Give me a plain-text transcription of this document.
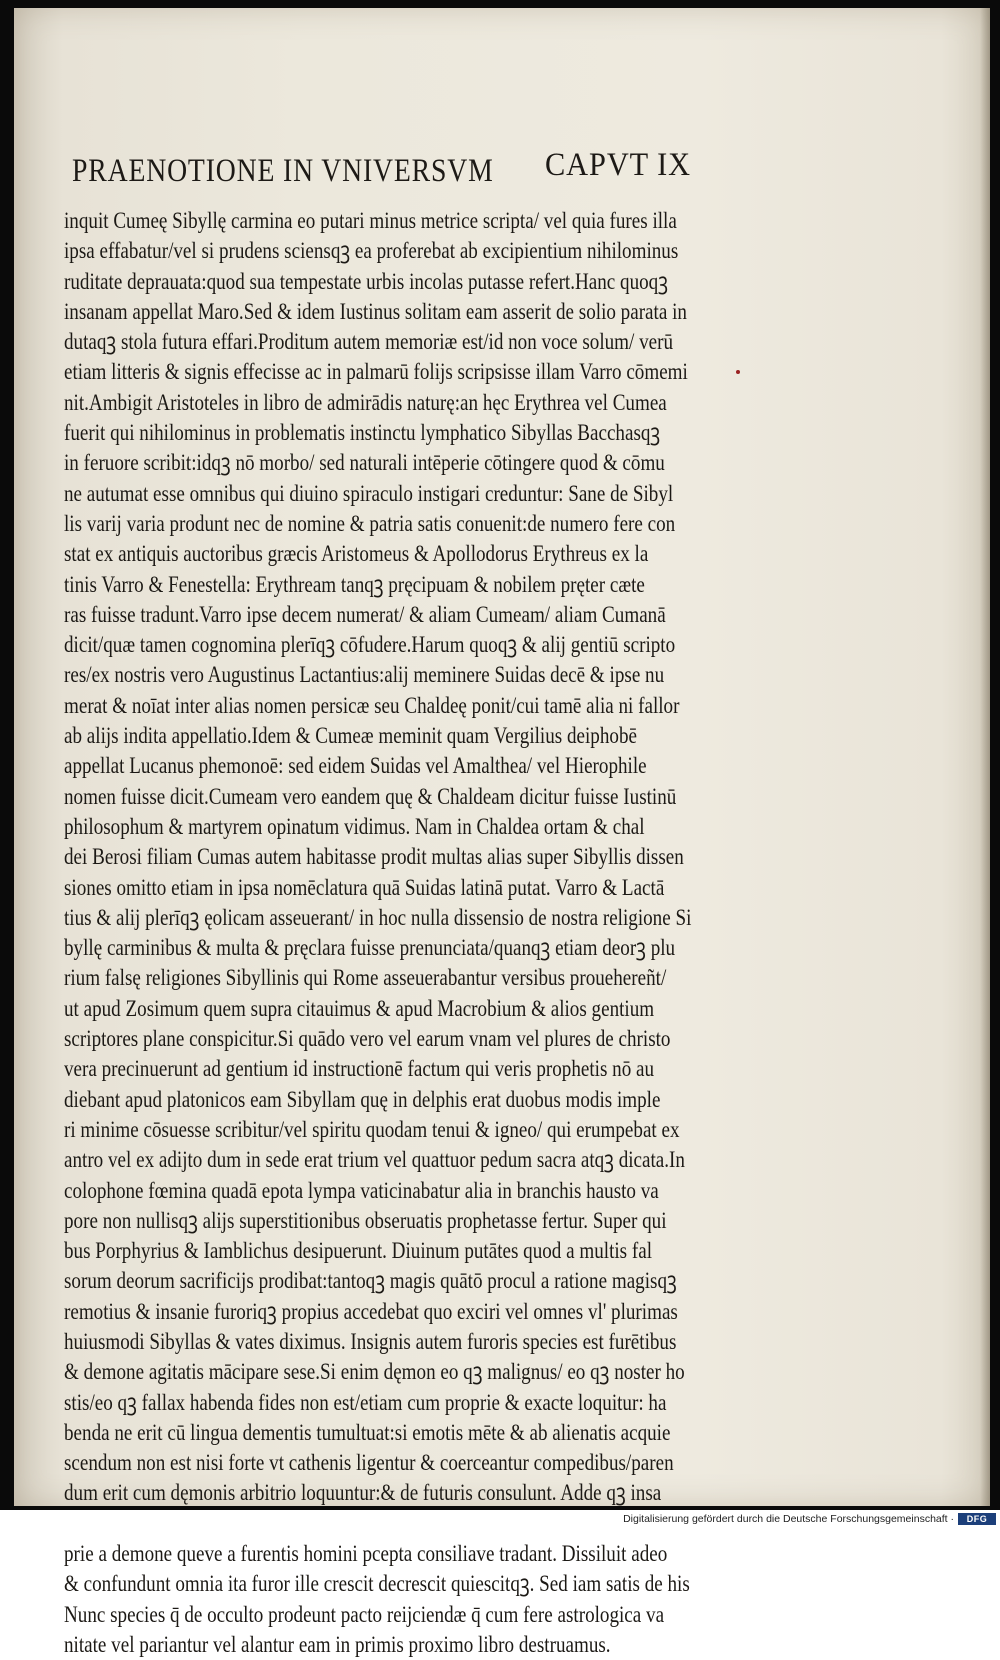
PRAENOTIONE IN VNIVERSVM CAPVT IX
inquit Cumeę Sibyllę carmina eo putari minus metrice scripta/ vel quia fures illa
ipsa effabatur/vel si prudens sciensqꝫ ea proferebat ab excipientium nihilominus
ruditate deprauata:quod sua tempestate urbis incolas putasse refert.Hanc quoqꝫ
insanam appellat Maro.Sed & idem Iustinus solitam eam asserit de solio parata in
dutaqꝫ stola futura effari.Proditum autem memoriæ est/id non voce solum/ verū
etiam litteris & signis effecisse ac in palmarū folijs scripsisse illam Varro cōmemi
nit.Ambigit Aristoteles in libro de admirādis naturę:an hęc Erythrea vel Cumea
fuerit qui nihilominus in problematis instinctu lymphatico Sibyllas Bacchasqꝫ
in feruore scribit:idqꝫ nō morbo/ sed naturali intēperie cōtingere quod & cōmu
ne autumat esse omnibus qui diuino spiraculo instigari creduntur: Sane de Sibyl
lis varij varia produnt nec de nomine & patria satis conuenit:de numero fere con
stat ex antiquis auctoribus græcis Aristomeus & Apollodorus Erythreus ex la
tinis Varro & Fenestella: Erythream tanqꝫ pręcipuam & nobilem pręter cæte
ras fuisse tradunt.Varro ipse decem numerat/ & aliam Cumeam/ aliam Cumanā
dicit/quæ tamen cognomina plerīqꝫ cōfudere.Harum quoqꝫ & alij gentiū scripto
res/ex nostris vero Augustinus Lactantius:alij meminere Suidas decē & ipse nu
merat & noīat inter alias nomen persicæ seu Chaldeę ponit/cui tamē alia ni fallor
ab alijs indita appellatio.Idem & Cumeæ meminit quam Vergilius deiphobē
appellat Lucanus phemonoē: sed eidem Suidas vel Amalthea/ vel Hierophile
nomen fuisse dicit.Cumeam vero eandem quę & Chaldeam dicitur fuisse Iustinū
philosophum & martyrem opinatum vidimus. Nam in Chaldea ortam & chal
dei Berosi filiam Cumas autem habitasse prodit multas alias super Sibyllis dissen
siones omitto etiam in ipsa nomēclatura quā Suidas latinā putat. Varro & Lactā
tius & alij plerīqꝫ ęolicam asseuerant/ in hoc nulla dissensio de nostra religione Si
byllę carminibus & multa & pręclara fuisse prenunciata/quanqꝫ etiam deorꝫ plu
rium falsę religiones Sibyllinis qui Rome asseuerabantur versibus prouehereñt/
ut apud Zosimum quem supra citauimus & apud Macrobium & alios gentium
scriptores plane conspicitur.Si quādo vero vel earum vnam vel plures de christo
vera precinuerunt ad gentium id instructionē factum qui veris prophetis nō au
diebant apud platonicos eam Sibyllam quę in delphis erat duobus modis imple
ri minime cōsuesse scribitur/vel spiritu quodam tenui & igneo/ qui erumpebat ex
antro vel ex adijto dum in sede erat trium vel quattuor pedum sacra atqꝫ dicata.In
colophone fœmina quadā epota lympa vaticinabatur alia in branchis hausto va
pore non nullisqꝫ alijs superstitionibus obseruatis prophetasse fertur. Super qui
bus Porphyrius & Iamblichus desipuerunt. Diuinum putātes quod a multis fal
sorum deorum sacrificijs prodibat:tantoqꝫ magis quātō procul a ratione magisqꝫ
remotius & insanie furoriqꝫ propius accedebat quo exciri vel omnes vl' plurimas
huiusmodi Sibyllas & vates diximus. Insignis autem furoris species est furētibus
& demone agitatis mācipare sese.Si enim dęmon eo qꝫ malignus/ eo qꝫ noster ho
stis/eo qꝫ fallax habenda fides non est/etiam cum proprie & exacte loquitur: ha
benda ne erit cū lingua dementis tumultuat:si emotis mēte & ab alienatis acquie
scendum non est nisi forte vt cathenis ligentur & coerceantur compedibus/paren
dum erit cum dęmonis arbitrio loquuntur:& de futuris consulunt. Adde qꝫ insa
prie a demone queve a furentis homini pcepta consiliave tradant. Dissiluit adeo
& confundunt omnia ita furor ille crescit decrescit quiescitqꝫ. Sed iam satis de his
Nunc species q̄ de occulto prodeunt pacto reijciendæ q̄ cum fere astrologica va
nitate vel pariantur vel alantur eam in primis proximo libro destruamus.
Digitalisierung gefördert durch die Deutsche Forschungsgemeinschaft ·	DFG
